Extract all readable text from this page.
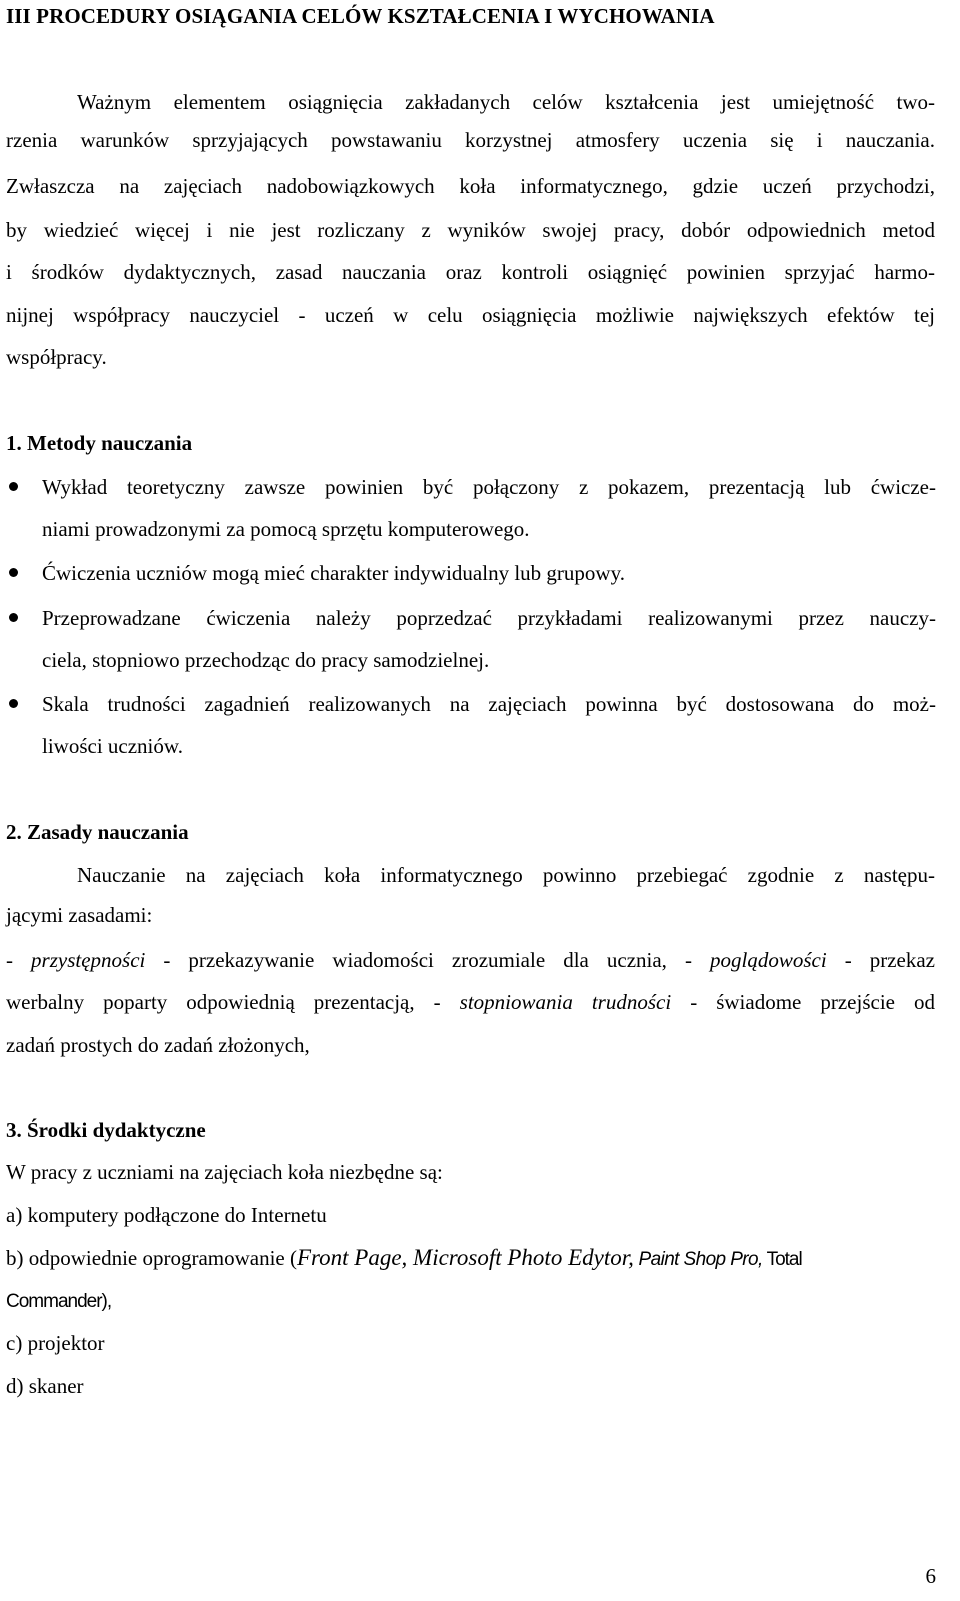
III PROCEDURY OSIĄGANIA CELÓW KSZTAŁCENIA I WYCHOWANIA

Ważnym elementem osiągnięcia zakładanych celów kształcenia jest umiejętność two-

rzenia warunków sprzyjających powstawaniu korzystnej atmosfery uczenia się i nauczania.

Zwłaszcza na zajęciach nadobowiązkowych koła informatycznego, gdzie uczeń przychodzi,

by wiedzieć więcej i nie jest rozliczany z wyników swojej pracy, dobór odpowiednich metod

i środków dydaktycznych, zasad nauczania oraz kontroli osiągnięć powinien sprzyjać harmo-

nijnej współpracy nauczyciel - uczeń w celu osiągnięcia możliwie największych efektów tej

współpracy.

1. Metody nauczania
Wykład teoretyczny zawsze powinien być połączony z pokazem, prezentacją lub ćwicze-
niami prowadzonymi za pomocą sprzętu komputerowego.
Ćwiczenia uczniów mogą mieć charakter indywidualny lub grupowy.
Przeprowadzane ćwiczenia należy poprzedzać przykładami realizowanymi przez nauczy-
ciela, stopniowo przechodząc do pracy samodzielnej.
Skala trudności zagadnień realizowanych na zajęciach powinna być dostosowana do moż-
liwości uczniów.
2. Zasady nauczania

Nauczanie na zajęciach koła informatycznego powinno przebiegać zgodnie z następu-

jącymi zasadami:

- przystępności - przekazywanie wiadomości zrozumiale dla ucznia, - poglądowości - przekaz

werbalny poparty odpowiednią prezentacją, - stopniowania trudności - świadome przejście od

zadań prostych do zadań złożonych,

3. Środki dydaktyczne

W pracy z uczniami na zajęciach koła niezbędne są:

a) komputery podłączone do Internetu

b) odpowiednie oprogramowanie (Front Page, Microsoft Photo Edytor, Paint Shop Pro, Total

Commander),

c) projektor

d) skaner

6
